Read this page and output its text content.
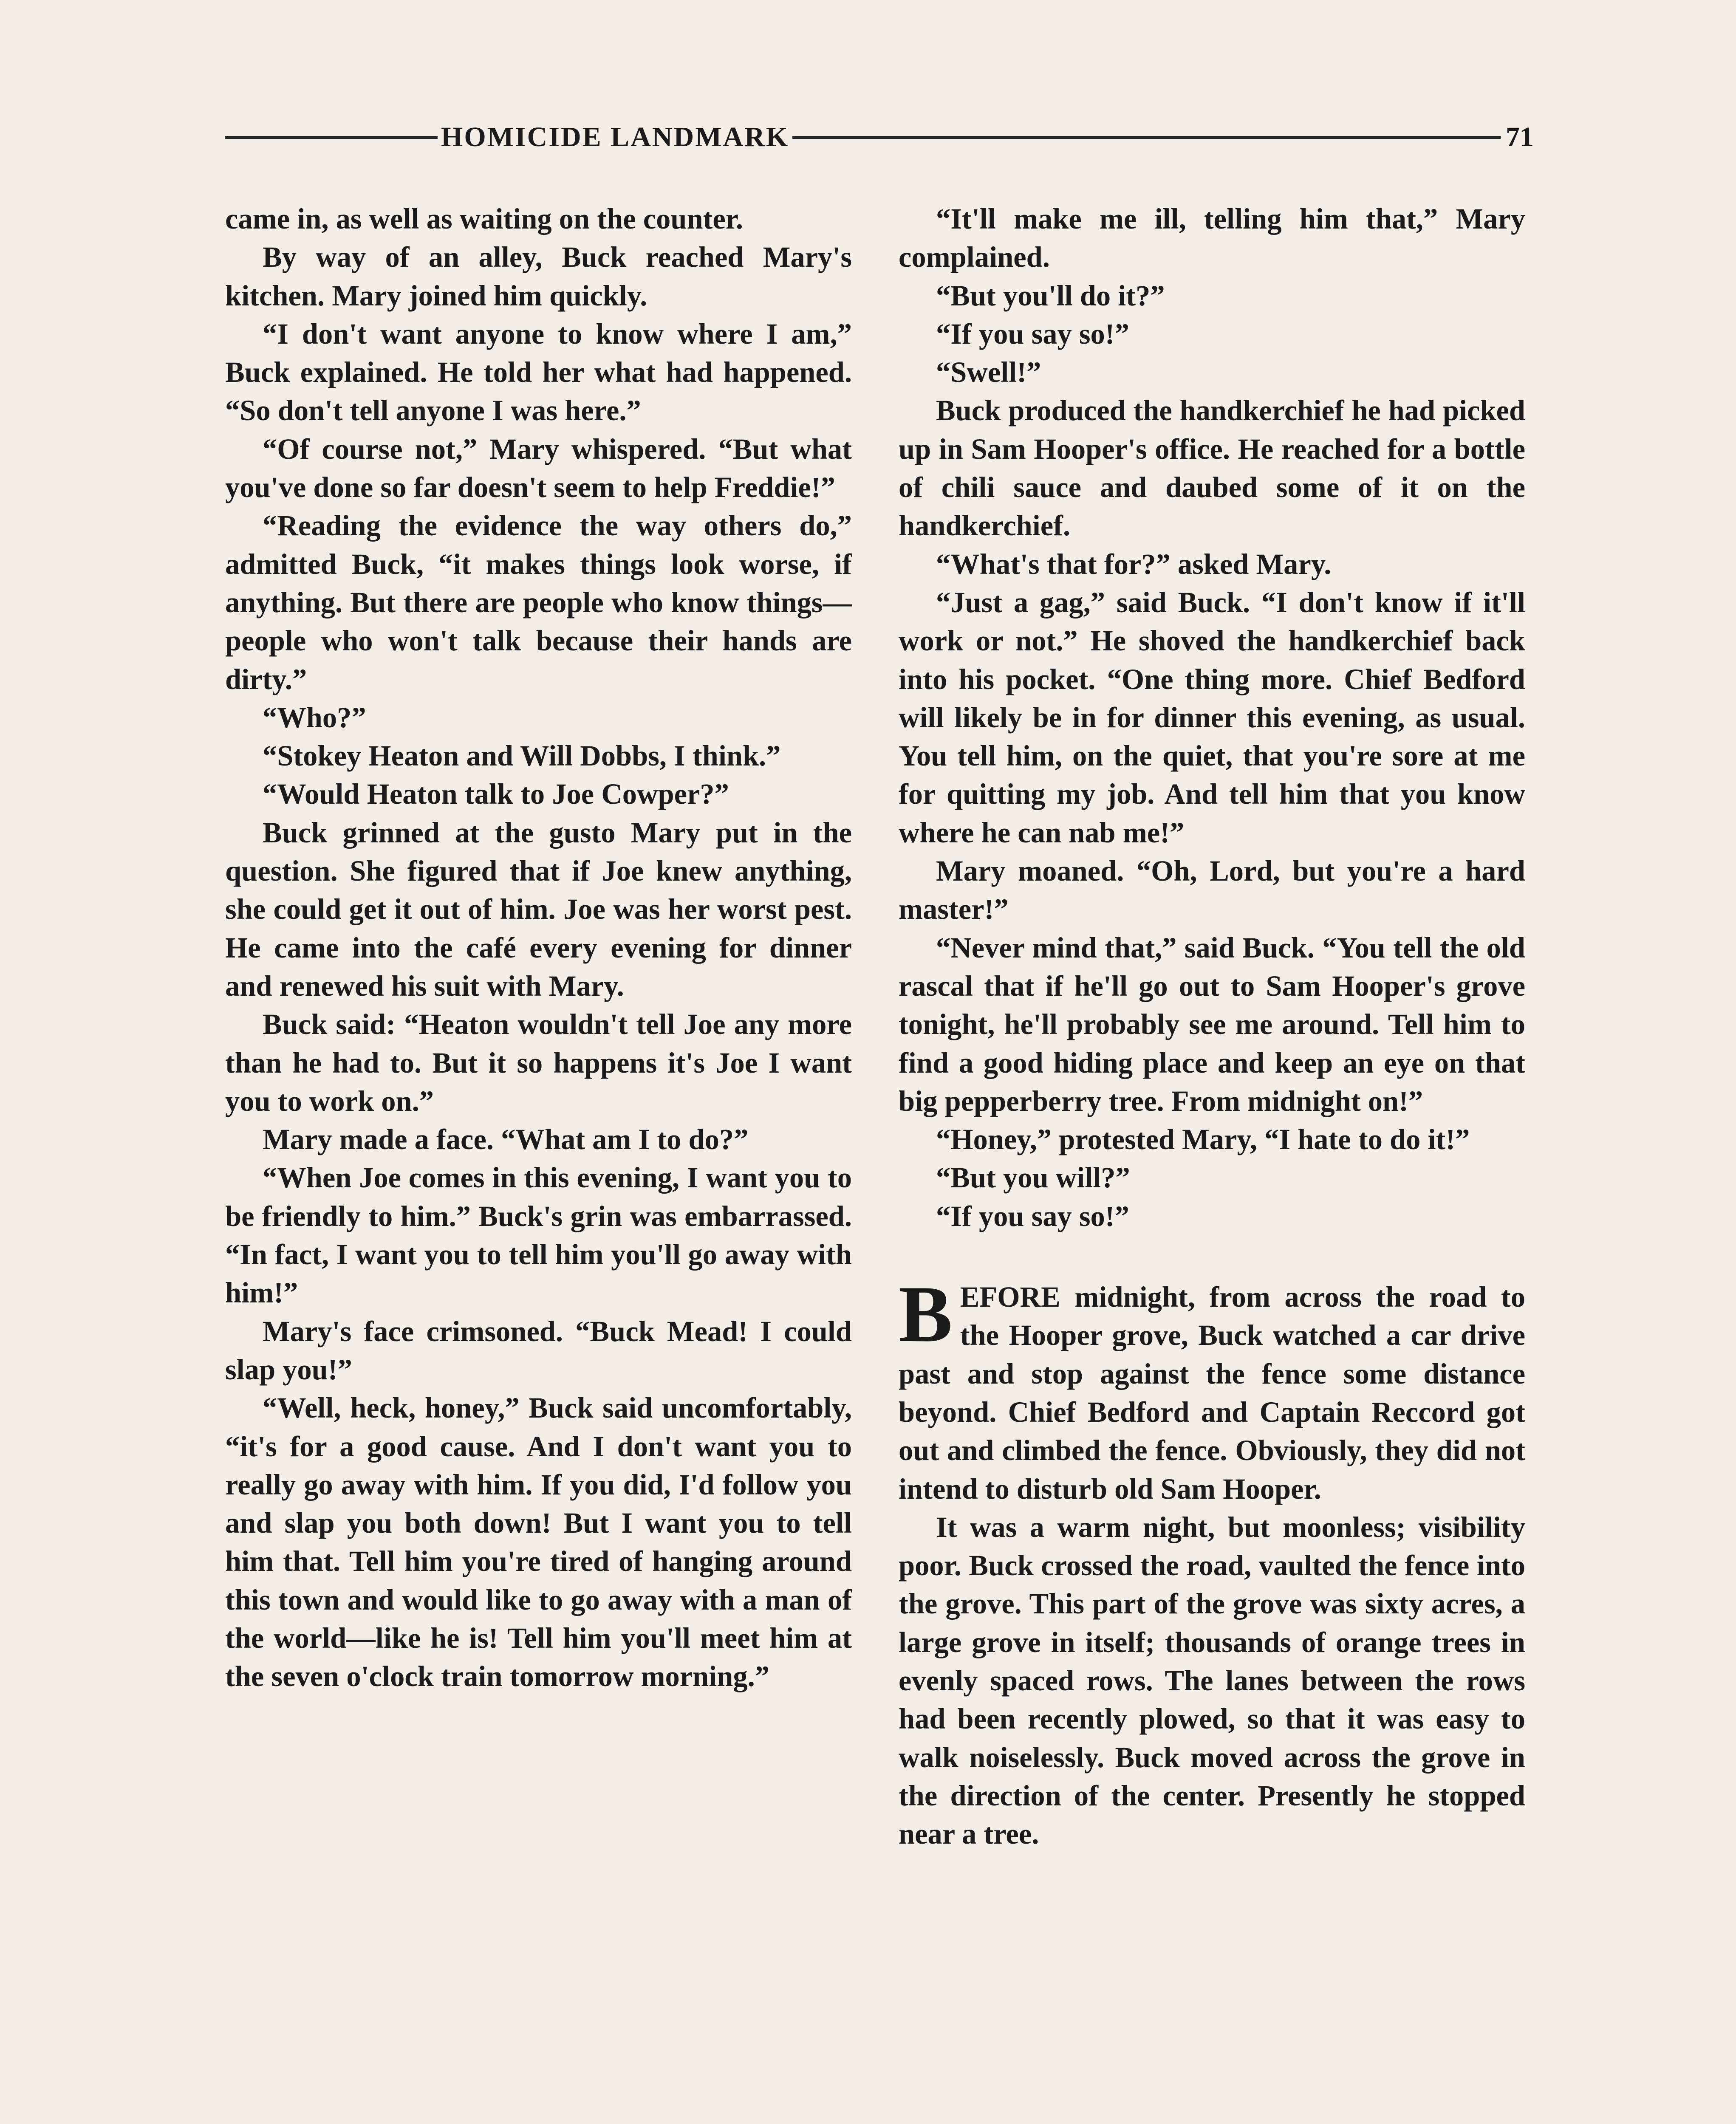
HOMICIDE LANDMARK	71

came in, as well as waiting on the counter.

By way of an alley, Buck reached Mary's kitchen. Mary joined him quickly.

“I don't want anyone to know where I am,” Buck explained. He told her what had happened. “So don't tell anyone I was here.”

“Of course not,” Mary whispered. “But what you've done so far doesn't seem to help Freddie!”

“Reading the evidence the way others do,” admitted Buck, “it makes things look worse, if anything. But there are people who know things—people who won't talk because their hands are dirty.”

“Who?”

“Stokey Heaton and Will Dobbs, I think.”

“Would Heaton talk to Joe Cowper?”

Buck grinned at the gusto Mary put in the question. She figured that if Joe knew anything, she could get it out of him. Joe was her worst pest. He came into the café every evening for dinner and renewed his suit with Mary.

Buck said: “Heaton wouldn't tell Joe any more than he had to. But it so happens it's Joe I want you to work on.”

Mary made a face. “What am I to do?”

“When Joe comes in this evening, I want you to be friendly to him.” Buck's grin was embarrassed. “In fact, I want you to tell him you'll go away with him!”

Mary's face crimsoned. “Buck Mead! I could slap you!”

“Well, heck, honey,” Buck said uncomfortably, “it's for a good cause. And I don't want you to really go away with him. If you did, I'd follow you and slap you both down! But I want you to tell him that. Tell him you're tired of hanging around this town and would like to go away with a man of the world—like he is! Tell him you'll meet him at the seven o'clock train tomorrow morning.”

“It'll make me ill, telling him that,” Mary complained.

“But you'll do it?”

“If you say so!”

“Swell!”

Buck produced the handkerchief he had picked up in Sam Hooper's office. He reached for a bottle of chili sauce and daubed some of it on the handkerchief.

“What's that for?” asked Mary.

“Just a gag,” said Buck. “I don't know if it'll work or not.” He shoved the handkerchief back into his pocket. “One thing more. Chief Bedford will likely be in for dinner this evening, as usual. You tell him, on the quiet, that you're sore at me for quitting my job. And tell him that you know where he can nab me!”

Mary moaned. “Oh, Lord, but you're a hard master!”

“Never mind that,” said Buck. “You tell the old rascal that if he'll go out to Sam Hooper's grove tonight, he'll probably see me around. Tell him to find a good hiding place and keep an eye on that big pepperberry tree. From midnight on!”

“Honey,” protested Mary, “I hate to do it!”

“But you will?”

“If you say so!”

BEFORE midnight, from across the road to the Hooper grove, Buck watched a car drive past and stop against the fence some distance beyond. Chief Bedford and Captain Reccord got out and climbed the fence. Obviously, they did not intend to disturb old Sam Hooper.

It was a warm night, but moonless; visibility poor. Buck crossed the road, vaulted the fence into the grove. This part of the grove was sixty acres, a large grove in itself; thousands of orange trees in evenly spaced rows. The lanes between the rows had been recently plowed, so that it was easy to walk noiselessly. Buck moved across the grove in the direction of the center. Presently he stopped near a tree.
